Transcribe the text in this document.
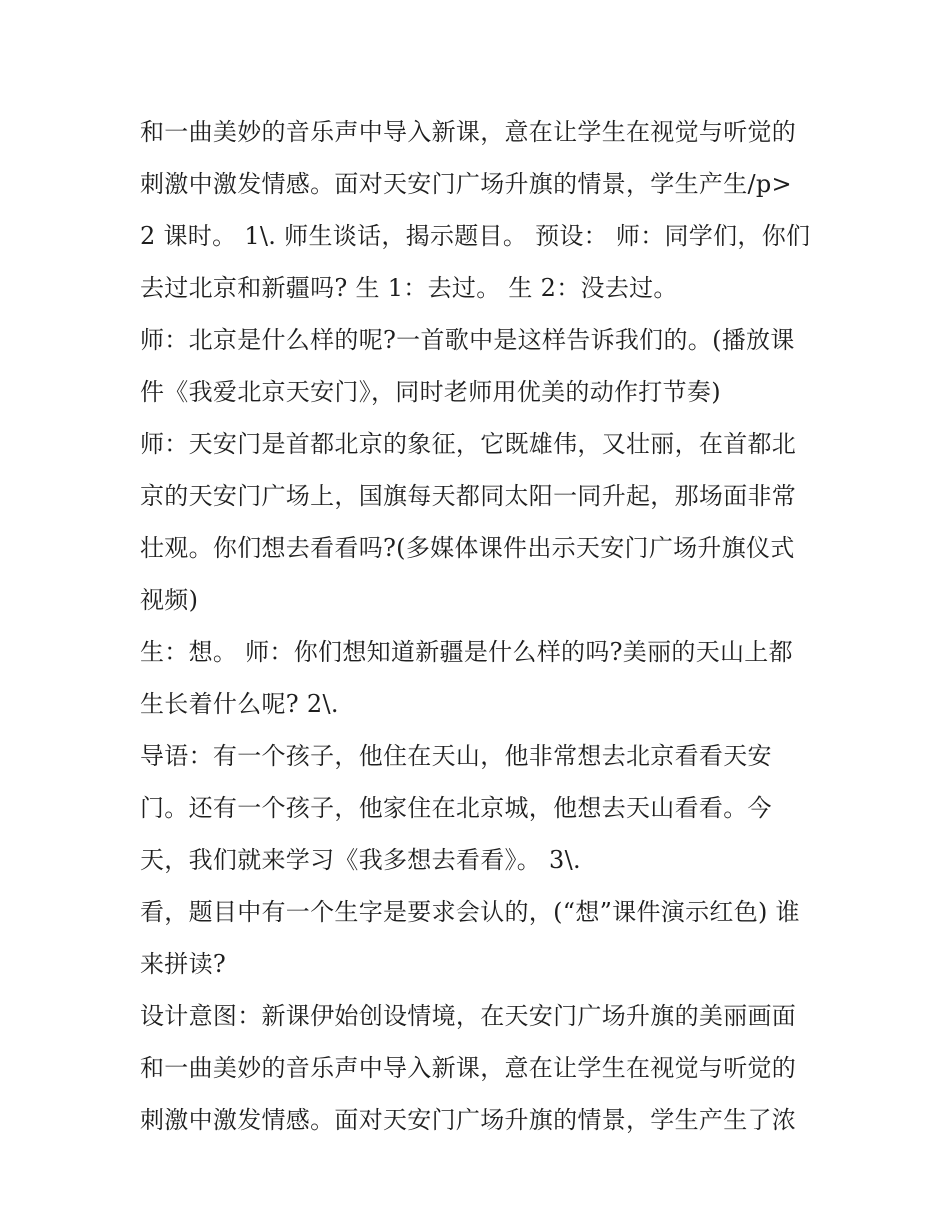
和一曲美妙的音乐声中导入新课，意在让学生在视觉与听觉的
刺激中激发情感。面对天安门广场升旗的情景，学生产生/p>
2 课时。 1\. 师生谈话，揭示题目。 预设： 师：同学们，你们
去过北京和新疆吗? 生 1：去过。 生 2：没去过。
师：北京是什么样的呢?一首歌中是这样告诉我们的。(播放课
件《我爱北京天安门》，同时老师用优美的动作打节奏)
师：天安门是首都北京的象征，它既雄伟，又壮丽，在首都北
京的天安门广场上，国旗每天都同太阳一同升起，那场面非常
壮观。你们想去看看吗?(多媒体课件出示天安门广场升旗仪式
视频)
生：想。 师：你们想知道新疆是什么样的吗?美丽的天山上都
生长着什么呢? 2\.
导语：有一个孩子，他住在天山，他非常想去北京看看天安
门。还有一个孩子，他家住在北京城，他想去天山看看。今
天，我们就来学习《我多想去看看》。 3\.
看，题目中有一个生字是要求会认的，(“想”课件演示红色) 谁
来拼读?
设计意图：新课伊始创设情境，在天安门广场升旗的美丽画面
和一曲美妙的音乐声中导入新课，意在让学生在视觉与听觉的
刺激中激发情感。面对天安门广场升旗的情景，学生产生了浓
